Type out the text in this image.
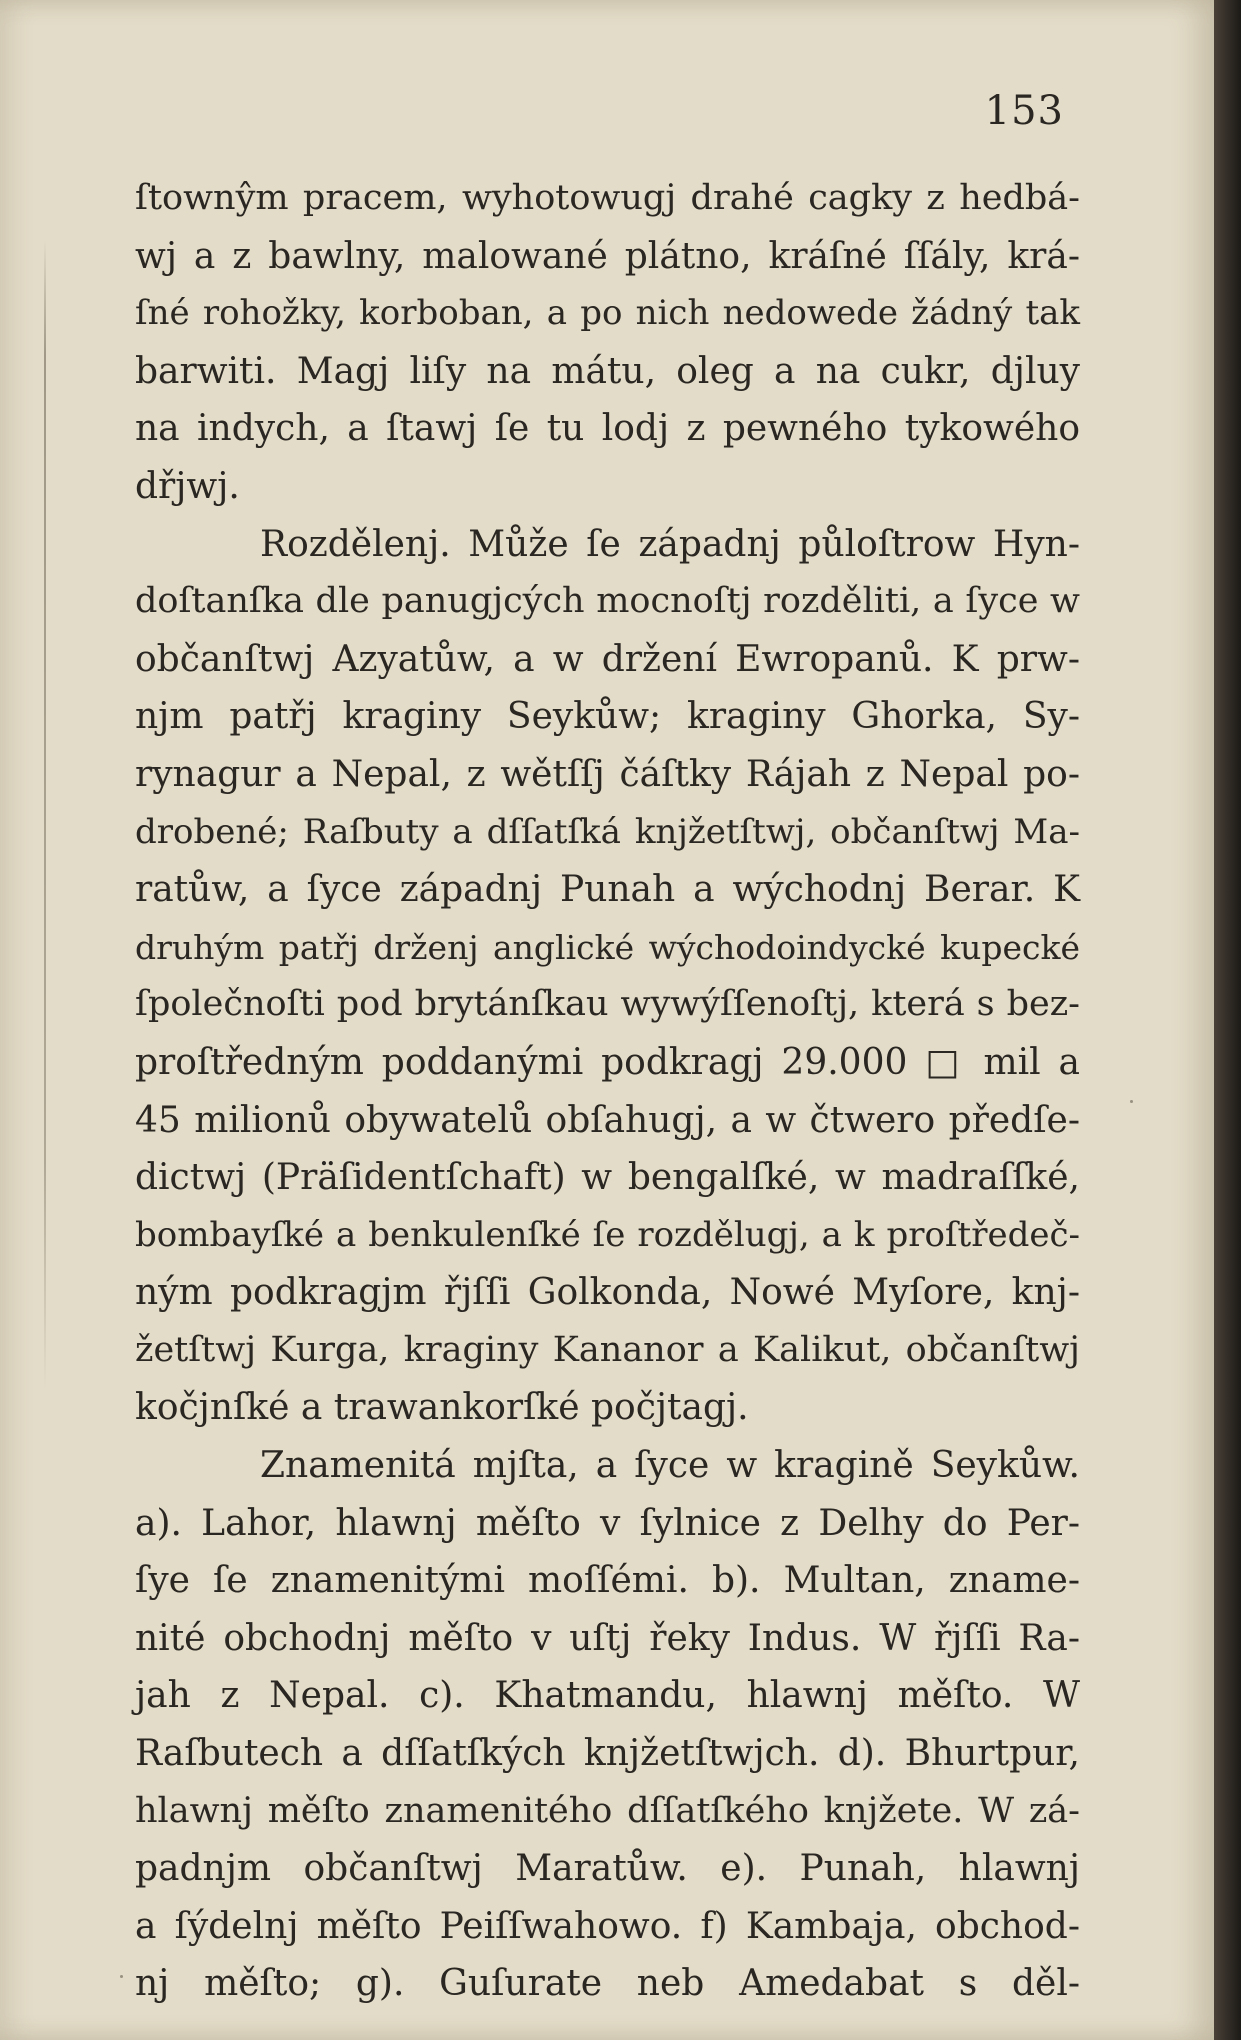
153
ſtownŷm pracem, wyhotowugj drahé cagky z hedbá-
wj a z bawlny, malowané plátno, kráſné ſſály, krá-
ſné rohožky, korboban, a po nich nedowede žádný tak
barwiti. Magj liſy na mátu, oleg a na cukr, djluy
na indych, a ſtawj ſe tu lodj z pewného tykowého
dřjwj.
Rozdělenj. Může ſe západnj půloſtrow Hyn-
doſtanſka dle panugjcých mocnoſtj rozděliti, a ſyce w
občanſtwj Azyatůw, a w držení Ewropanů. K prw-
njm patřj kraginy Seykůw; kraginy Ghorka, Sy-
rynagur a Nepal, z wětſſj čáſtky Rájah z Nepal po-
drobené; Raſbuty a dſſatſká knjžetſtwj, občanſtwj Ma-
ratůw, a ſyce západnj Punah a wýchodnj Berar. K
druhým patřj drženj anglické wýchodoindycké kupecké
ſpolečnoſti pod brytánſkau wywýſſenoſtj, která s bez-
proſtředným poddanými podkragj 29.000 □ mil a
45 milionů obywatelů obſahugj, a w čtwero předſe-
dictwj (Präſidentſchaft) w bengalſké, w madraſſké,
bombayſké a benkulenſké ſe rozdělugj, a k proſtředeč-
ným podkragjm řjſſi Golkonda, Nowé Myſore, knj-
žetſtwj Kurga, kraginy Kananor a Kalikut, občanſtwj
kočjnſké a trawankorſké počjtagj.
Znamenitá mjſta, a ſyce w kragině Seykůw.
a). Lahor, hlawnj měſto v ſylnice z Delhy do Per-
ſye ſe znamenitými moſſémi. b). Multan, zname-
nité obchodnj měſto v uſtj řeky Indus. W řjſſi Ra-
jah z Nepal. c). Khatmandu, hlawnj měſto. W
Raſbutech a dſſatſkých knjžetſtwjch. d). Bhurtpur,
hlawnj měſto znamenitého dſſatſkého knjžete. W zá-
padnjm občanſtwj Maratůw. e). Punah, hlawnj
a ſýdelnj měſto Peiſſwahowo. f) Kambaja, obchod-
nj měſto; g). Guſurate neb Amedabat s děl-
